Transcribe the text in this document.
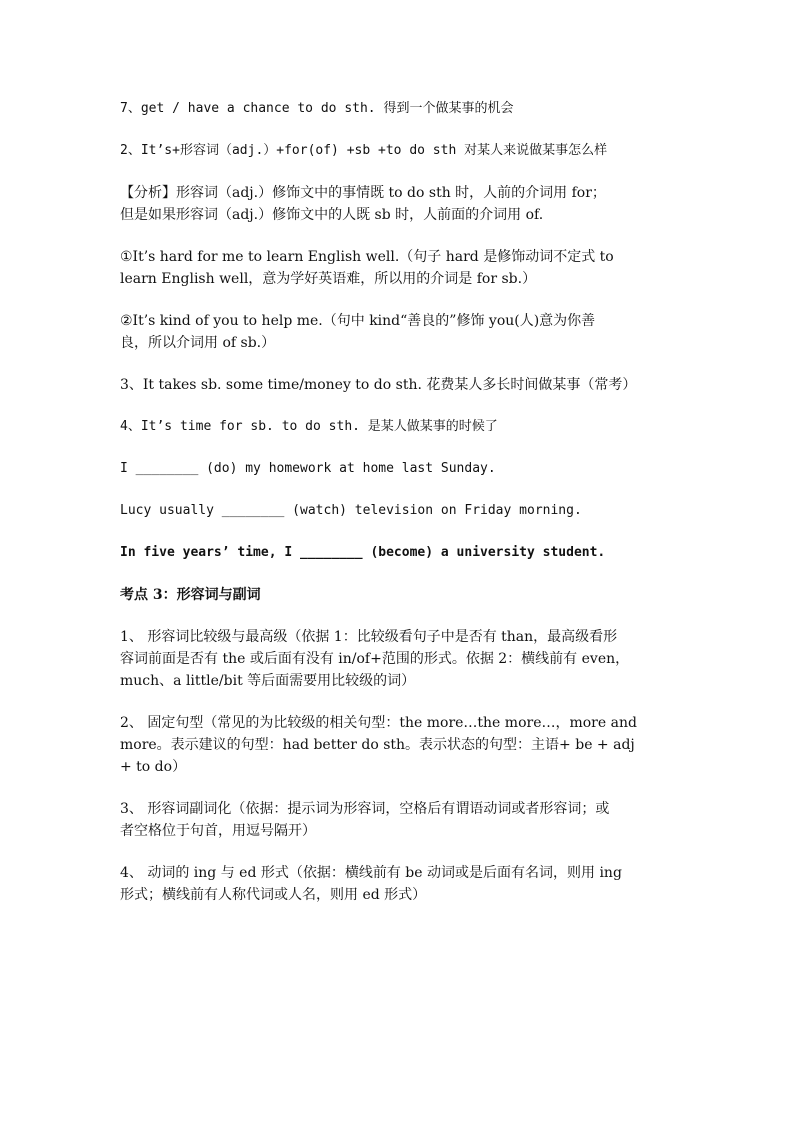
7、get / have a chance to do sth. 得到一个做某事的机会
2、It’s+形容词（adj.）+for(of) +sb +to do sth 对某人来说做某事怎么样
【分析】形容词（adj.）修饰文中的事情既 to do sth 时，人前的介词用 for；
但是如果形容词（adj.）修饰文中的人既 sb 时，人前面的介词用 of.
①It’s hard for me to learn English well.（句子 hard 是修饰动词不定式 to
learn English well，意为学好英语难，所以用的介词是 for sb.）
②It’s kind of you to help me.（句中 kind“善良的”修饰 you(人)意为你善
良，所以介词用 of sb.）
3、It takes sb. some time/money to do sth. 花费某人多长时间做某事（常考）
4、It’s time for sb. to do sth. 是某人做某事的时候了
I ________ (do) my homework at home last Sunday.
Lucy usually ________ (watch) television on Friday morning.
In five years’ time, I ________ (become) a university student.
考点 3：形容词与副词
1、 形容词比较级与最高级（依据 1：比较级看句子中是否有 than，最高级看形
容词前面是否有 the 或后面有没有 in/of+范围的形式。依据 2：横线前有 even，
much、a little/bit 等后面需要用比较级的词）
2、 固定句型（常见的为比较级的相关句型：the more…the more…，more and
more。表示建议的句型：had better do sth。表示状态的句型：主语+ be + adj
+ to do）
3、 形容词副词化（依据：提示词为形容词，空格后有谓语动词或者形容词；或
者空格位于句首，用逗号隔开）
4、 动词的 ing 与 ed 形式（依据：横线前有 be 动词或是后面有名词，则用 ing
形式；横线前有人称代词或人名，则用 ed 形式）
